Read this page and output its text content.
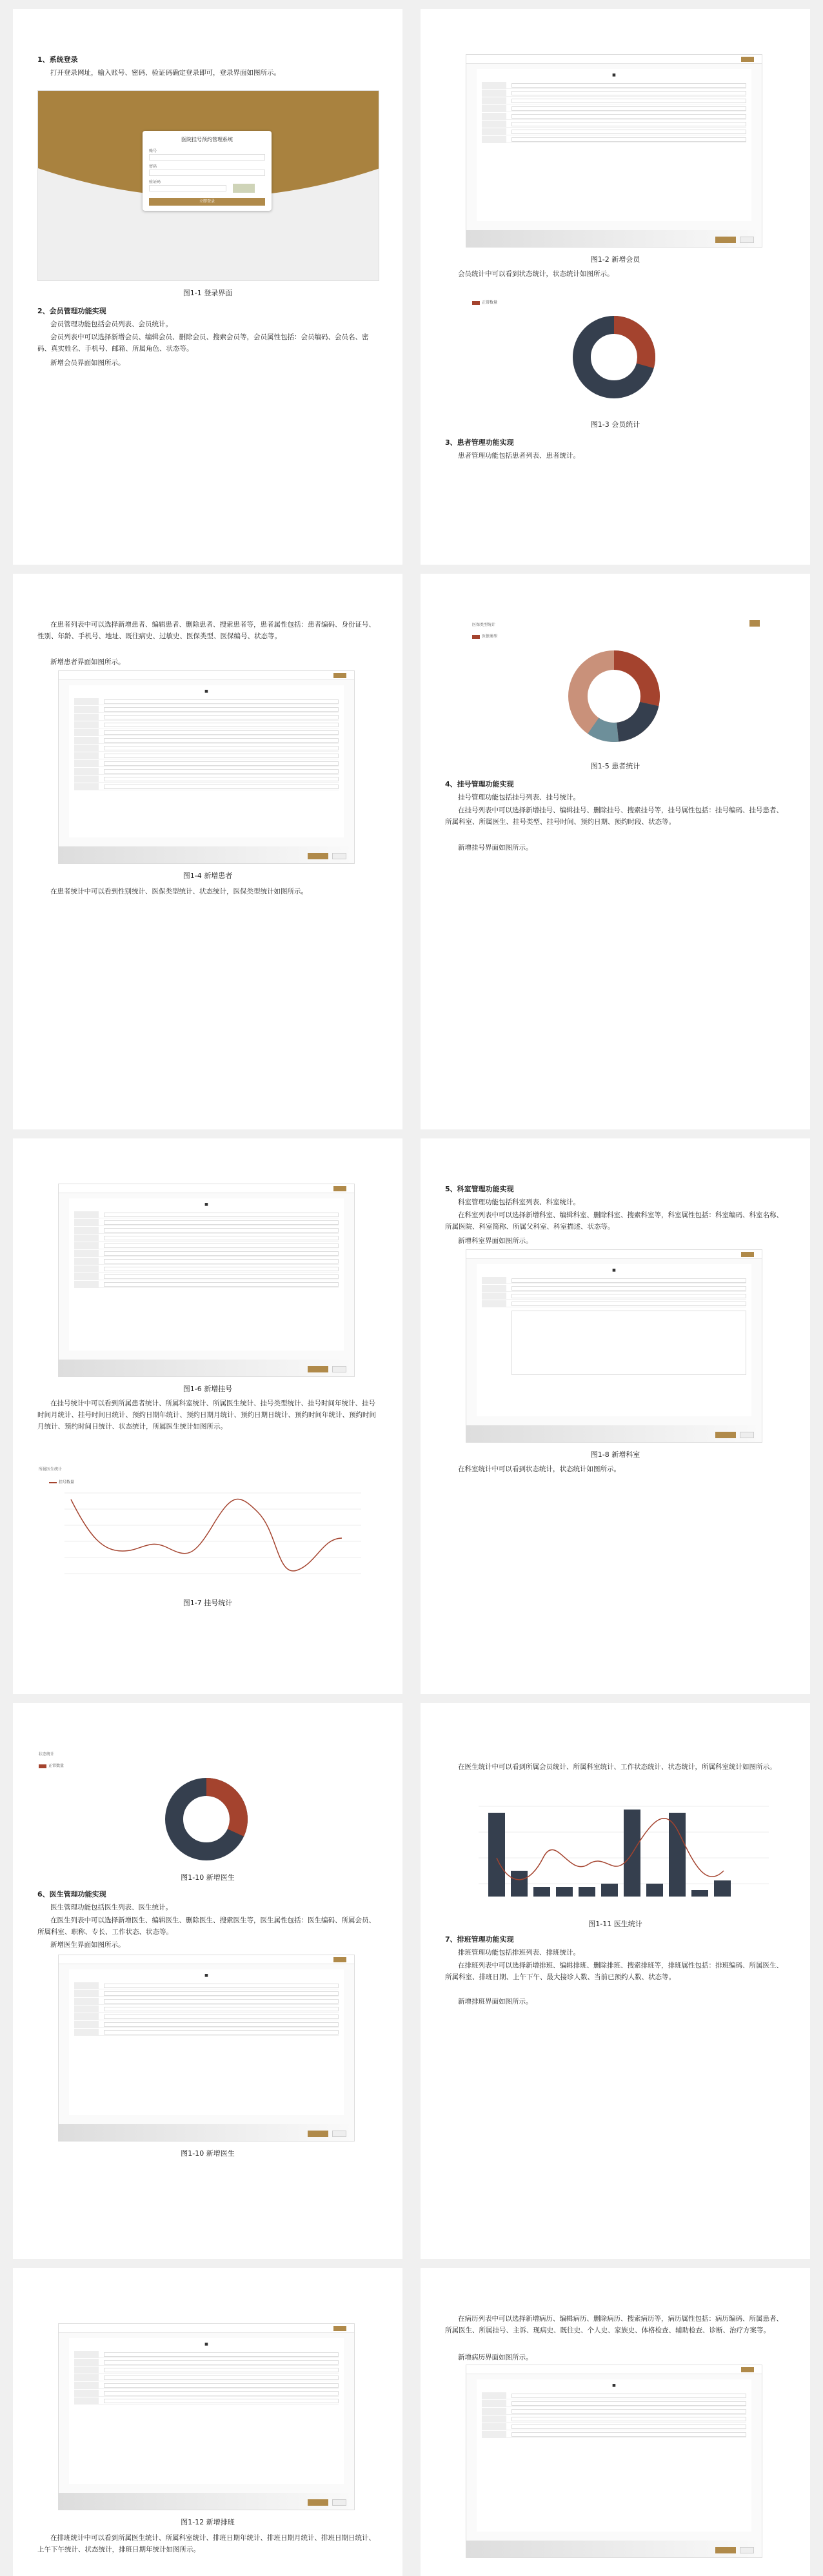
1、系统登录
打开登录网址，输入账号、密码、验证码确定登录即可，登录界面如图所示。
医院挂号预约管理系统
账号
密码
验证码
立即登录
图1-1 登录界面
2、会员管理功能实现
会员管理功能包括会员列表、会员统计。
会员列表中可以选择新增会员、编辑会员、删除会员、搜索会员等，会员属性包括：会员编码、会员名、密码、真实姓名、手机号、邮箱、所属角色、状态等。
新增会员界面如图所示。
■
图1-2 新增会员
会员统计中可以看到状态统计，状态统计如图所示。
正常数量
图1-3 会员统计
3、患者管理功能实现
患者管理功能包括患者列表、患者统计。
在患者列表中可以选择新增患者、编辑患者、删除患者、搜索患者等，患者属性包括：患者编码、身份证号、性别、年龄、手机号、地址、既往病史、过敏史、医保类型、医保编号、状态等。
新增患者界面如图所示。
■
图1-4 新增患者
在患者统计中可以看到性别统计、医保类型统计、状态统计，医保类型统计如图所示。
医保类型统计
医保类型
图1-5 患者统计
4、挂号管理功能实现
挂号管理功能包括挂号列表、挂号统计。
在挂号列表中可以选择新增挂号、编辑挂号、删除挂号、搜索挂号等，挂号属性包括：挂号编码、挂号患者、所属科室、所属医生、挂号类型、挂号时间、预约日期、预约时段、状态等。
新增挂号界面如图所示。
■
图1-6 新增挂号
在挂号统计中可以看到所属患者统计、所属科室统计、所属医生统计、挂号类型统计、挂号时间年统计、挂号时间月统计、挂号时间日统计、预约日期年统计、预约日期月统计、预约日期日统计、预约时间年统计、预约时间月统计、预约时间日统计、状态统计，所属医生统计如图所示。
所属医生统计
挂号数量
图1-7 挂号统计
5、科室管理功能实现
科室管理功能包括科室列表、科室统计。
在科室列表中可以选择新增科室、编辑科室、删除科室、搜索科室等，科室属性包括：科室编码、科室名称、所属医院、科室简称、所属父科室、科室描述、状态等。
新增科室界面如图所示。
■
图1-8 新增科室
在科室统计中可以看到状态统计，状态统计如图所示。
状态统计
正常数量
图1-10 新增医生
6、医生管理功能实现
医生管理功能包括医生列表、医生统计。
在医生列表中可以选择新增医生、编辑医生、删除医生、搜索医生等，医生属性包括：医生编码、所属会员、所属科室、职称、专长、工作状态、状态等。
新增医生界面如图所示。
■
图1-10 新增医生
在医生统计中可以看到所属会员统计、所属科室统计、工作状态统计、状态统计，所属科室统计如图所示。
图1-11 医生统计
7、排班管理功能实现
排班管理功能包括排班列表、排班统计。
在排班列表中可以选择新增排班、编辑排班、删除排班、搜索排班等，排班属性包括：排班编码、所属医生、所属科室、排班日期、上午下午、最大接诊人数、当前已预约人数、状态等。
新增排班界面如图所示。
■
图1-12 新增排班
在排班统计中可以看到所属医生统计、所属科室统计、排班日期年统计、排班日期月统计、排班日期日统计、上午下午统计、状态统计，排班日期年统计如图所示。
在病历列表中可以选择新增病历、编辑病历、删除病历、搜索病历等，病历属性包括：病历编码、所属患者、所属医生、所属挂号、主诉、现病史、既往史、个人史、家族史、体格检查、辅助检查、诊断、治疗方案等。
新增病历界面如图所示。
■
